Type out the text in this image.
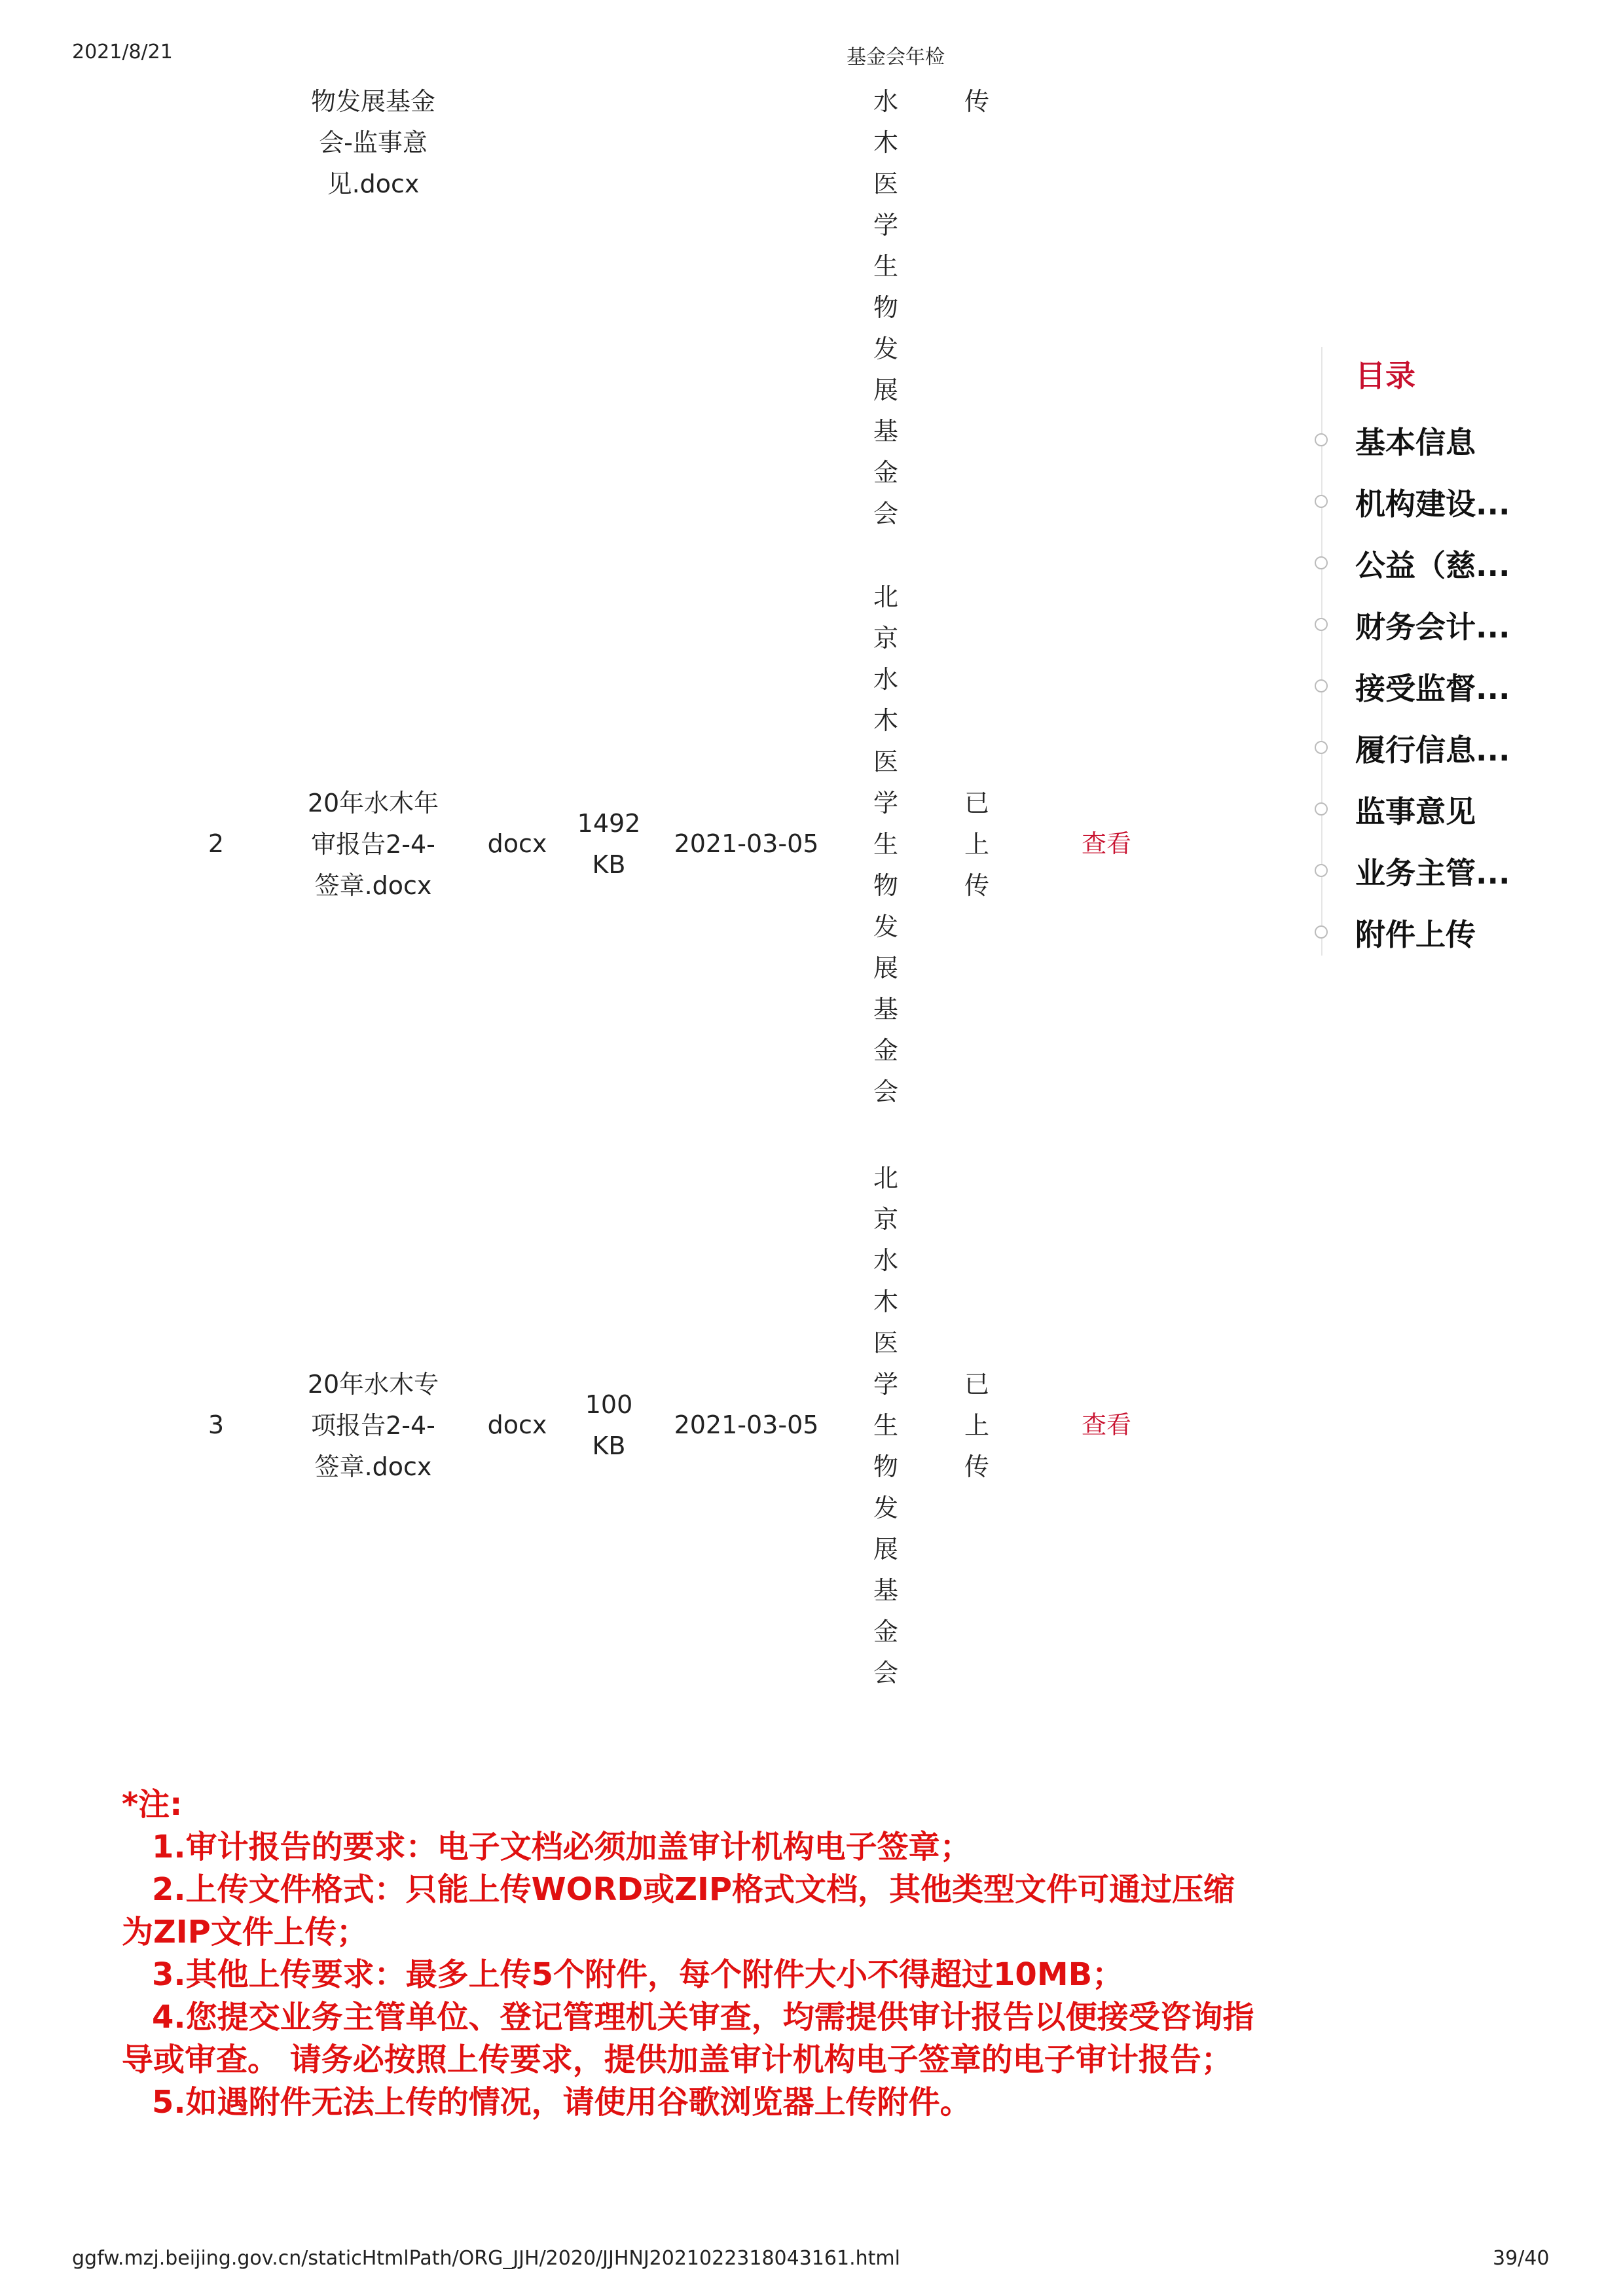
2021/8/21	基金会年检
物发展基金
会-监事意
见.docx
水
木
医
学
生
物
发
展
基
金
会
传
2
20年水木年
审报告2-4-
签章.docx
docx
1492
KB
2021-03-05
北
京
水
木
医
学
生
物
发
展
基
金
会
已
上
传
查看
3
20年水木专
项报告2-4-
签章.docx
docx
100
KB
2021-03-05
北
京
水
木
医
学
生
物
发
展
基
金
会
已
上
传
查看
目录
基本信息
机构建设...
公益（慈...
财务会计...
接受监督...
履行信息...
监事意见
业务主管...
附件上传

*注:

1.审计报告的要求：电子文档必须加盖审计机构电子签章；

2.上传文件格式：只能上传WORD或ZIP格式文档，其他类型文件可通过压缩为ZIP文件上传；

3.其他上传要求：最多上传5个附件，每个附件大小不得超过10MB；

4.您提交业务主管单位、登记管理机关审查，均需提供审计报告以便接受咨询指导或审查。 请务必按照上传要求，提供加盖审计机构电子签章的电子审计报告；

5.如遇附件无法上传的情况，请使用谷歌浏览器上传附件。

ggfw.mzj.beijing.gov.cn/staticHtmlPath/ORG_JJH/2020/JJHNJ2021022318043161.html	39/40
